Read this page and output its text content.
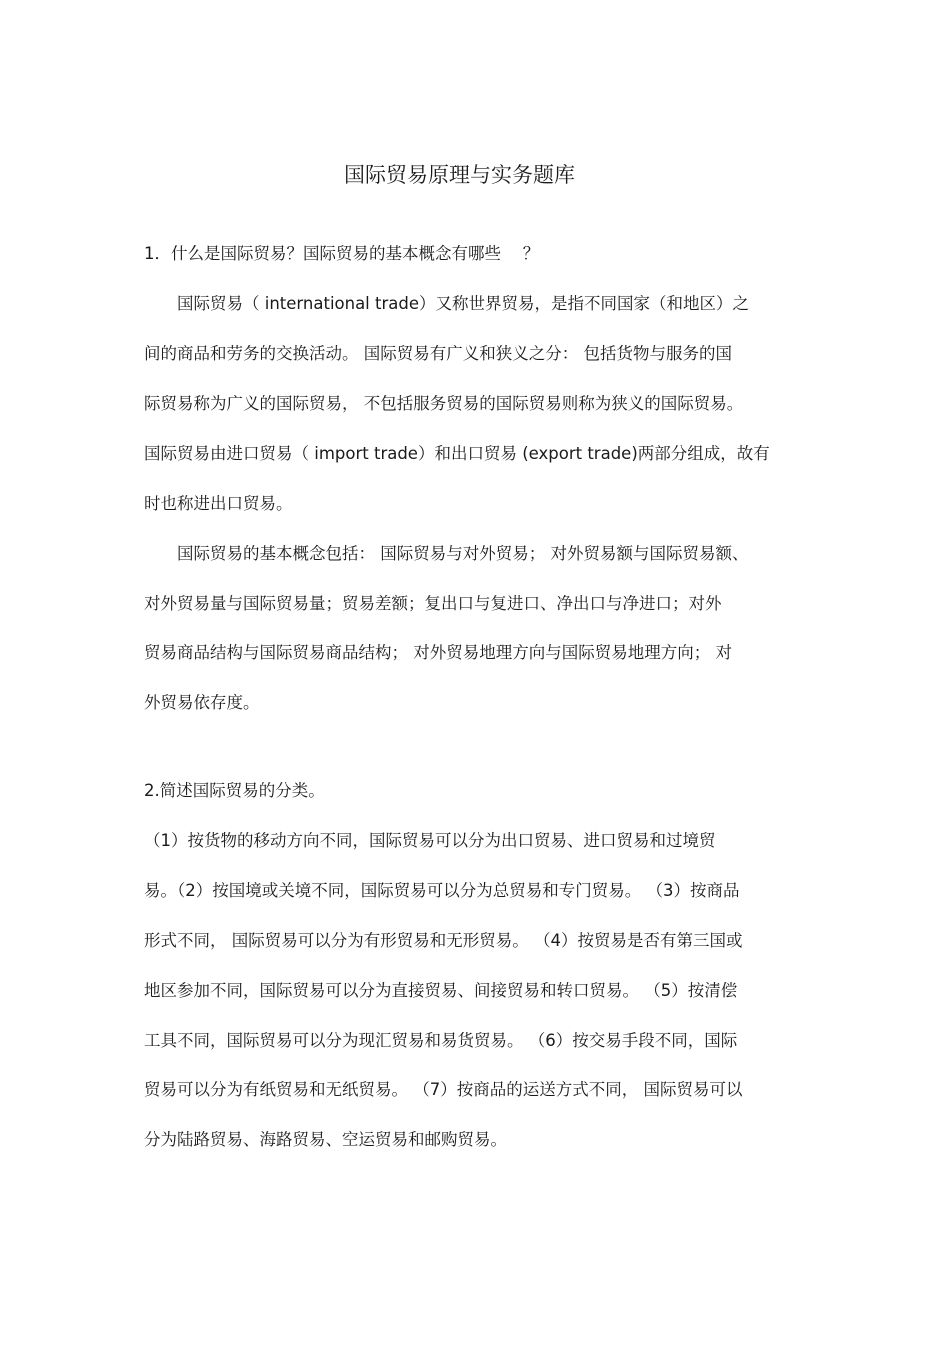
国际贸易原理与实务题库

1．什么是国际贸易？国际贸易的基本概念有哪些　 ？

　　国际贸易（ international trade）又称世界贸易，是指不同国家（和地区）之

间的商品和劳务的交换活动。 国际贸易有广义和狭义之分： 包括货物与服务的国

际贸易称为广义的国际贸易， 不包括服务贸易的国际贸易则称为狭义的国际贸易。

国际贸易由进口贸易（ import trade）和出口贸易 (export trade)两部分组成，故有

时也称进出口贸易。

　　国际贸易的基本概念包括： 国际贸易与对外贸易； 对外贸易额与国际贸易额、

对外贸易量与国际贸易量；贸易差额；复出口与复进口、净出口与净进口；对外

贸易商品结构与国际贸易商品结构； 对外贸易地理方向与国际贸易地理方向； 对

外贸易依存度。

2.简述国际贸易的分类。

（1）按货物的移动方向不同，国际贸易可以分为出口贸易、进口贸易和过境贸

易。（2）按国境或关境不同，国际贸易可以分为总贸易和专门贸易。 （3）按商品

形式不同， 国际贸易可以分为有形贸易和无形贸易。 （4）按贸易是否有第三国或

地区参加不同，国际贸易可以分为直接贸易、间接贸易和转口贸易。 （5）按清偿

工具不同，国际贸易可以分为现汇贸易和易货贸易。 （6）按交易手段不同，国际

贸易可以分为有纸贸易和无纸贸易。 （7）按商品的运送方式不同， 国际贸易可以

分为陆路贸易、海路贸易、空运贸易和邮购贸易。
